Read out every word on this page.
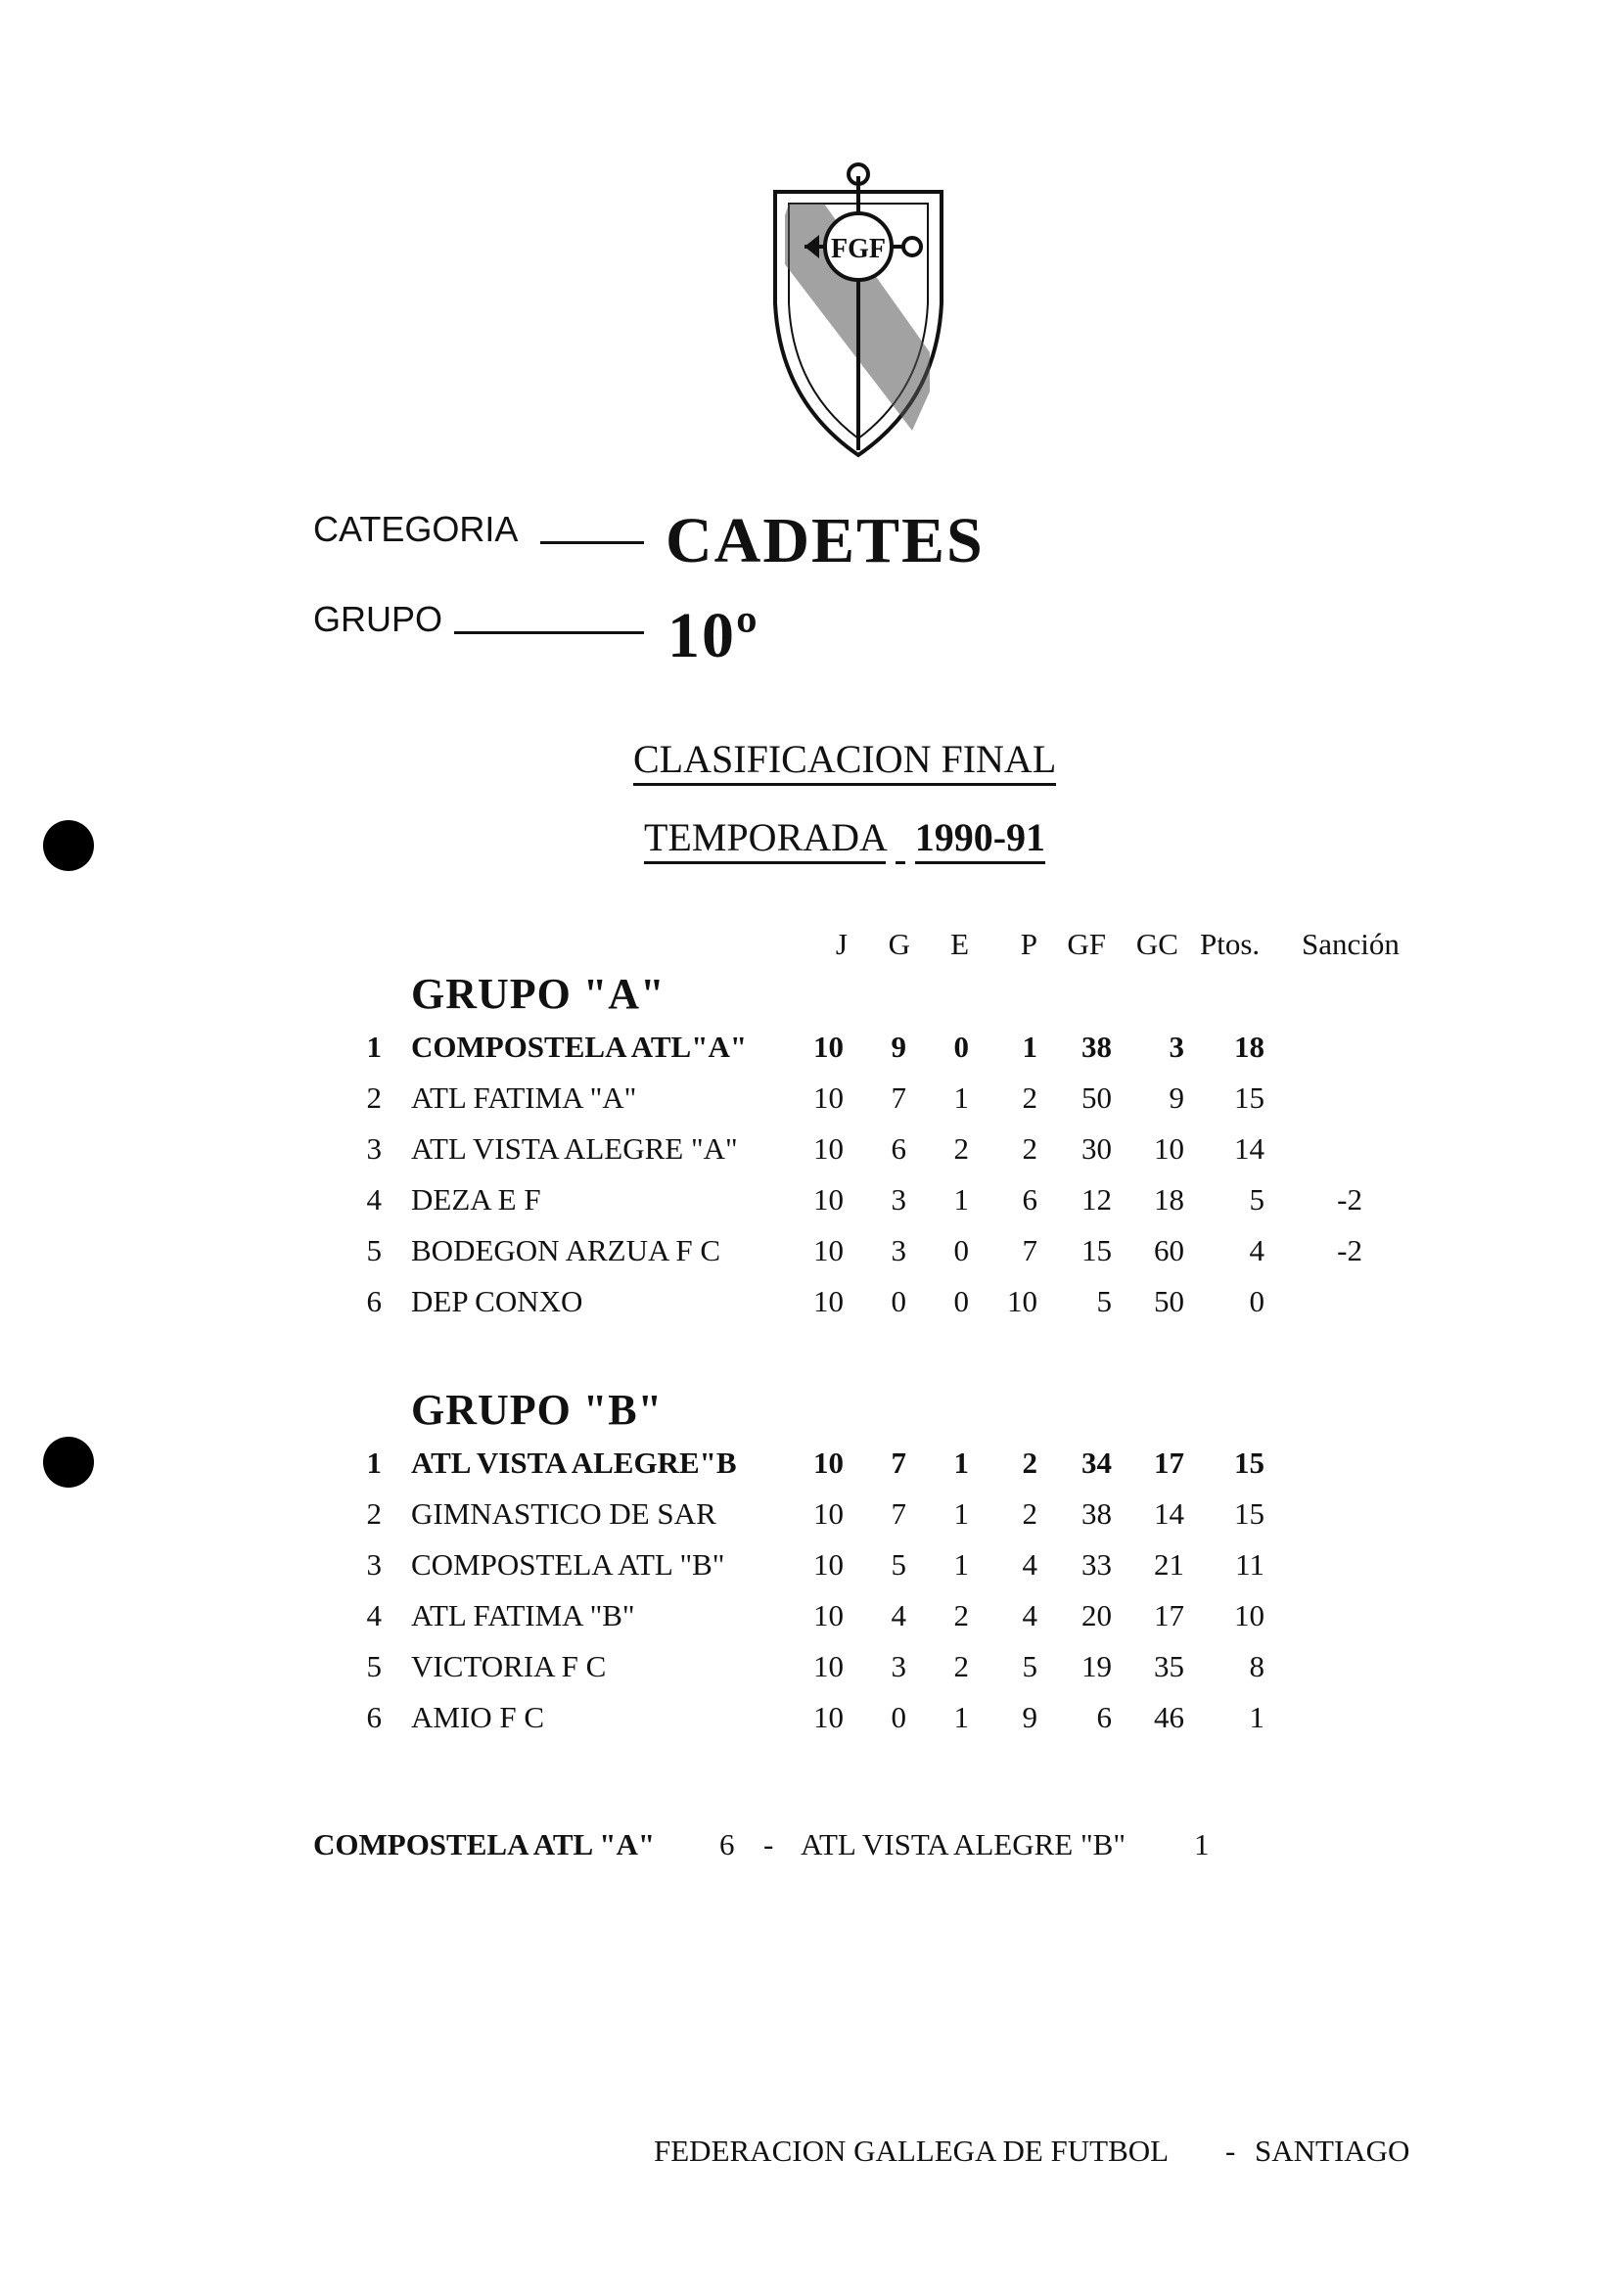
FGF
CATEGORIA CADETES
GRUPO	10º
CLASIFICACION FINAL
TEMPORADA 1990-91
J	G	E	P GF GC Ptos. Sanción
GRUPO "A"
GRUPO "B"
1 COMPOSTELA ATL"A"	10	9	0	1	38	3	18
2 ATL FATIMA "A"	10	7	1	2	50	9	15
3 ATL VISTA ALEGRE "A"	10	6	2	2	30	10	14
4 DEZA E F	10	3	1	6	12	18	5	-2
5 BODEGON ARZUA F C	10	3	0	7	15	60	4	-2
6 DEP CONXO	10	0	0 10	5	50	0
1 ATL VISTA ALEGRE"B	10	7	1	2	34	17	15
2 GIMNASTICO DE SAR	10	7	1	2	38	14	15
3 COMPOSTELA ATL "B"	10	5	1	4	33	21	11
4 ATL FATIMA "B"	10	4	2	4	20	17	10
5 VICTORIA F C	10	3	2	5	19	35	8
6 AMIO F C	10	0	1	9	6	46	1
COMPOSTELA ATL "A" 6 - ATL VISTA ALEGRE "B" 1
FEDERACION GALLEGA DE FUTBOL - SANTIAGO
